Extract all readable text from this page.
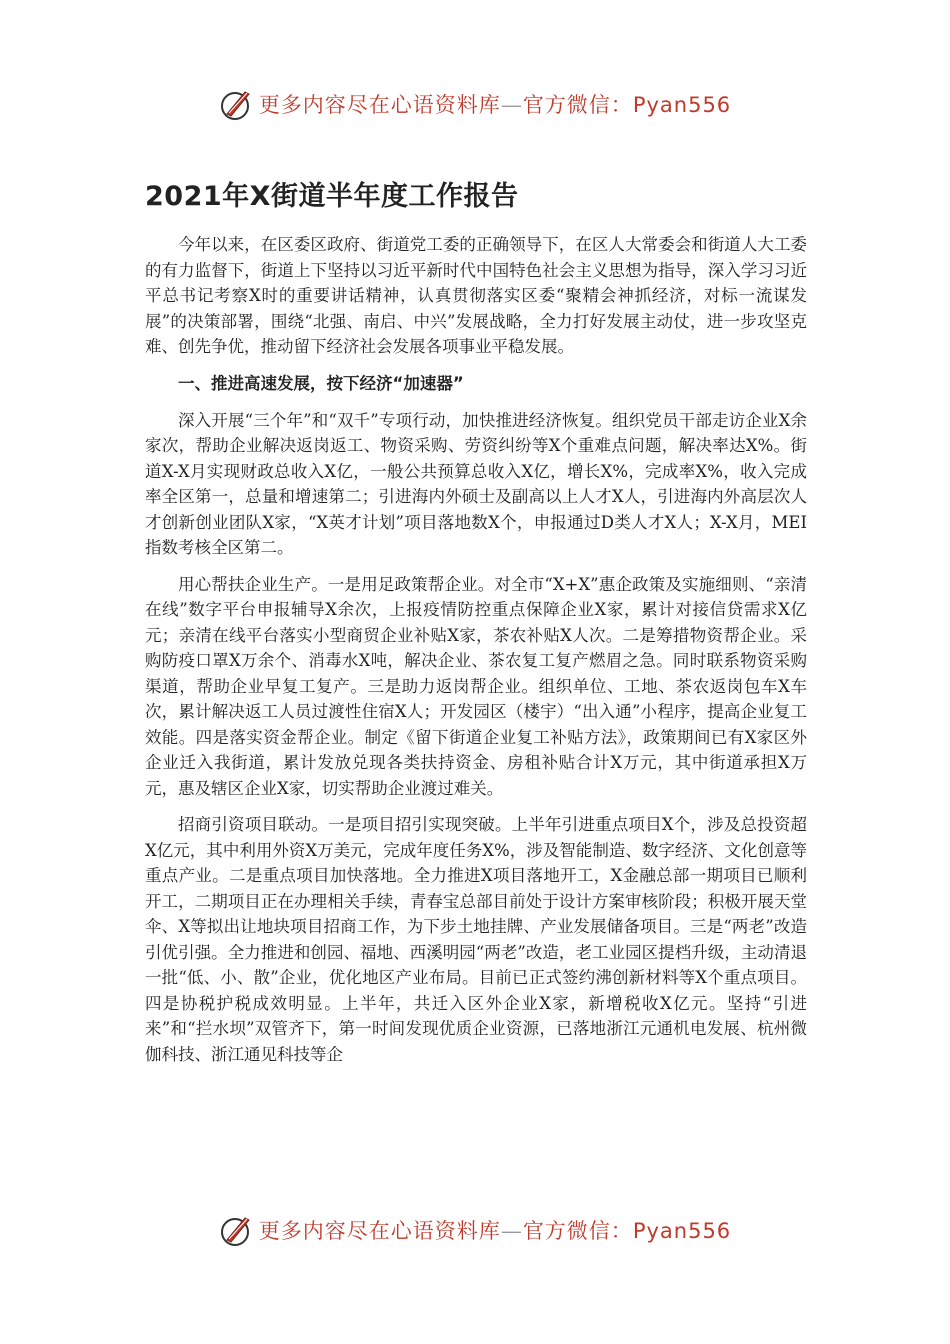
更多内容尽在心语资料库—官方微信：Pyan556
2021年X街道半年度工作报告

今年以来，在区委区政府、街道党工委的正确领导下，在区人大常委会和街道人大工委的有力监督下，街道上下坚持以习近平新时代中国特色社会主义思想为指导，深入学习习近平总书记考察X时的重要讲话精神，认真贯彻落实区委“聚精会神抓经济，对标一流谋发展”的决策部署，围绕“北强、南启、中兴”发展战略，全力打好发展主动仗，进一步攻坚克难、创先争优，推动留下经济社会发展各项事业平稳发展。

一、推进高速发展，按下经济“加速器”

深入开展“三个年”和“双千”专项行动，加快推进经济恢复。组织党员干部走访企业X余家次，帮助企业解决返岗返工、物资采购、劳资纠纷等X个重难点问题，解决率达X%。街道X-X月实现财政总收入X亿，一般公共预算总收入X亿，增长X%，完成率X%，收入完成率全区第一，总量和增速第二；引进海内外硕士及副高以上人才X人，引进海内外高层次人才创新创业团队X家，“X英才计划”项目落地数X个，申报通过D类人才X人；X-X月，MEI指数考核全区第二。

用心帮扶企业生产。一是用足政策帮企业。对全市“X+X”惠企政策及实施细则、“亲清在线”数字平台申报辅导X余次，上报疫情防控重点保障企业X家，累计对接信贷需求X亿元；亲清在线平台落实小型商贸企业补贴X家，茶农补贴X人次。二是筹措物资帮企业。采购防疫口罩X万余个、消毒水X吨，解决企业、茶农复工复产燃眉之急。同时联系物资采购渠道，帮助企业早复工复产。三是助力返岗帮企业。组织单位、工地、茶农返岗包车X车次，累计解决返工人员过渡性住宿X人；开发园区（楼宇）“出入通”小程序，提高企业复工效能。四是落实资金帮企业。制定《留下街道企业复工补贴方法》，政策期间已有X家区外企业迁入我街道，累计发放兑现各类扶持资金、房租补贴合计X万元，其中街道承担X万元，惠及辖区企业X家，切实帮助企业渡过难关。

招商引资项目联动。一是项目招引实现突破。上半年引进重点项目X个，涉及总投资超X亿元，其中利用外资X万美元，完成年度任务X%，涉及智能制造、数字经济、文化创意等重点产业。二是重点项目加快落地。全力推进X项目落地开工，X金融总部一期项目已顺利开工，二期项目正在办理相关手续，青春宝总部目前处于设计方案审核阶段；积极开展天堂伞、X等拟出让地块项目招商工作，为下步土地挂牌、产业发展储备项目。三是“两老”改造引优引强。全力推进和创园、福地、西溪明园“两老”改造，老工业园区提档升级，主动清退一批“低、小、散”企业，优化地区产业布局。目前已正式签约沸创新材料等X个重点项目。四是协税护税成效明显。上半年，共迁入区外企业X家，新增税收X亿元。坚持“引进来”和“拦水坝”双管齐下，第一时间发现优质企业资源，已落地浙江元通机电发展、杭州微伽科技、浙江通见科技等企

更多内容尽在心语资料库—官方微信：Pyan556
